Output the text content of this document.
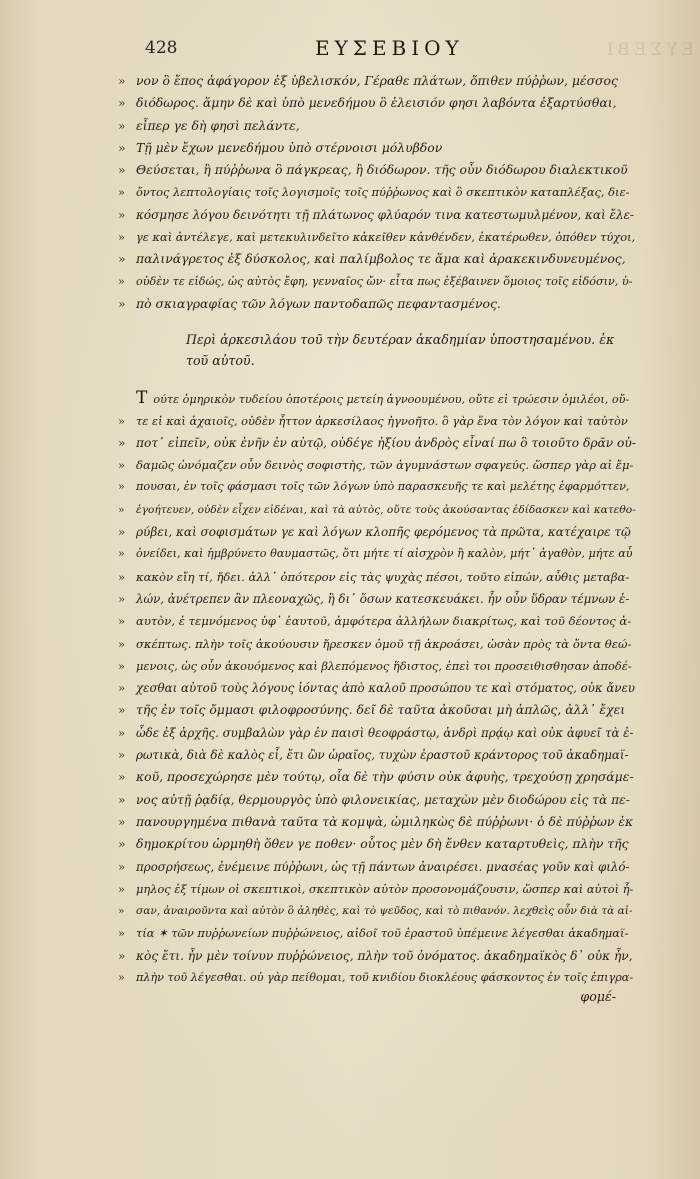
ΕΥΣΕΒΙ
428	ΕΥΣΕΒΙΟΥ
» νον ὃ ἔπος ἀφάγορον ἐξ ὑβελισκόν, Γέραθε πλάτων, ὄπιθεν πύῤῥων, μέσσος
» διόδωρος. ἅμην δὲ καὶ ὑπὸ μενεδήμου ὃ ἐλεισιόν φησι λαβόντα ἐξαρτύσθαι,
» εἶπερ γε δὴ φησὶ πελάντε,
» Τῇ μὲν ἔχων μενεδήμου ὑπὸ στέρνοισι μόλυβδον
» Θεύσεται, ἢ πύῤῥωνα ὃ πάγκρεας, ἢ διόδωρον. τῆς οὖν διόδωρου διαλεκτικοῦ
» ὄντος λεπτολογίαις τοῖς λογισμοῖς τοῖς πύῤῥωνος καὶ ὃ σκεπτικὸν καταπλέξας, διε-
» κόσμησε λόγου δεινότητι τῇ πλάτωνος φλύαρόν τινα κατεστωμυλμένον, καὶ ἔλε-
» γε καὶ ἀντέλεγε, καὶ μετεκυλινδεῖτο κἀκεῖθεν κἀνθένδεν, ἑκατέρωθεν, ὁπόθεν τύχοι,
» παλινάγρετος ἐξ δύσκολος, καὶ παλίμβολος τε ἅμα καὶ ἀρακεκινδυνευμένος,
» οὐδὲν τε εἰδώς, ὡς αὐτὸς ἔφη, γενναῖος ὤν· εἶτα πως ἐξέβαινεν ὅμοιος τοῖς εἰδόσιν, ὑ-
» πὸ σκιαγραφίας τῶν λόγων παντοδαπῶς πεφαντασμένος.
Περὶ ἀρκεσιλάου τοῦ τὴν δευτέραν ἀκαδημίαν ὑποστησαμένου. ἐκ τοῦ αὐτοῦ.
Tούτε ὁμηρικὸν τυδείου ὁποτέροις μετείη ἀγνοουμένου, οὔτε εἰ τρώεσιν ὁμιλέοι, οὔ-
» τε εἰ καὶ ἀχαιοῖς, οὐδὲν ἧττον ἀρκεσίλαος ἠγνοῆτο. ὃ γὰρ ἕνα τὸν λόγον καὶ ταὐτὸν
» ποτ᾽ εἰπεῖν, οὐκ ἐνῆν ἐν αὐτῷ, οὐδέγε ἠξίου ἀνδρὸς εἶναί πω ὃ τοιοῦτο δρᾶν οὐ-
» δαμῶς ὠνόμαζεν οὖν δεινὸς σοφιστὴς, τῶν ἀγυμνάστων σφαγεύς. ὥσπερ γὰρ αἱ ἔμ-
» πουσαι, ἐν τοῖς φάσμασι τοῖς τῶν λόγων ὑπὸ παρασκευῆς τε καὶ μελέτης ἐφαρμόττεν,
» ἐγοήτευεν, οὐδὲν εἶχεν εἰδέναι, καὶ τὰ αὐτὸς, οὔτε τοὺς ἀκούσαντας ἐδίδασκεν καὶ κατεθο-
» ρύβει, καὶ σοφισμάτων γε καὶ λόγων κλοπῆς φερόμενος τὰ πρῶτα, κατέχαιρε τῷ
» ὀνείδει, καὶ ἡμβρύνετο θαυμαστῶς, ὅτι μήτε τί αἰσχρὸν ἢ καλὸν, μήτ᾽ ἀγαθὸν, μήτε αὖ
» κακὸν εἴη τί, ἤδει. ἀλλ᾽ ὁπότερον εἰς τὰς ψυχὰς πέσοι, τοῦτο εἰπών, αὖθις μεταβα-
» λών, ἀνέτρεπεν ἂν πλεοναχῶς, ἢ δι᾽ ὅσων κατεσκευάκει. ἦν οὖν ὕδραν τέμνων ἑ-
» αυτὸν, ἐ τεμνόμενος ὑφ᾽ ἑαυτοῦ, ἀμφότερα ἀλλήλων διακρίτως, καὶ τοῦ δέοντος ἀ-
» σκέπτως. πλὴν τοῖς ἀκούουσιν ἤρεσκεν ὁμοῦ τῇ ἀκροάσει, ὡσὰν πρὸς τὰ ὄντα θεώ-
» μενοις, ὡς οὖν ἀκουόμενος καὶ βλεπόμενος ἥδιστος, ἐπεὶ τοι προσειθισθησαν ἀποδέ-
» χεσθαι αὐτοῦ τοὺς λόγους ἰόντας ἀπὸ καλοῦ προσώπου τε καὶ στόματος, οὐκ ἄνευ
» τῆς ἐν τοῖς ὄμμασι φιλοφροσύνης. δεῖ δὲ ταῦτα ἀκοῦσαι μὴ ἁπλῶς, ἀλλ᾽ ἔχει
» ὧδε ἐξ ἀρχῆς. συμβαλὼν γὰρ ἐν παισὶ θεοφράστῳ, ἀνδρὶ πρᾴῳ καὶ οὐκ ἀφυεῖ τὰ ἐ-
» ρωτικὰ, διὰ δὲ καλὸς εἶ, ἔτι ὢν ὡραῖος, τυχὼν ἐραστοῦ κράντορος τοῦ ἀκαδημαϊ-
» κοῦ, προσεχώρησε μὲν τούτῳ, οἷα δὲ τὴν φύσιν οὐκ ἀφυὴς, τρεχούσῃ χρησάμε-
» νος αὐτῇ ῥᾳδίᾳ, θερμουργὸς ὑπὸ φιλονεικίας, μεταχὼν μὲν διοδώρου εἰς τὰ πε-
» πανουργημένα πιθανὰ ταῦτα τὰ κομψὰ, ὡμιληκὼς δὲ πύῤῥωνι· ὁ δὲ πύῤῥων ἐκ
» δημοκρίτου ὡρμηθὴ ὅθεν γε ποθεν· οὗτος μὲν δὴ ἔνθεν καταρτυθεὶς, πλὴν τῆς
» προσρήσεως, ἐνέμεινε πύῤῥωνι, ὡς τῇ πάντων ἀναιρέσει. μνασέας γοῦν καὶ φιλό-
» μηλος ἐξ τίμων οἱ σκεπτικοὶ, σκεπτικὸν αὐτὸν προσονομάζουσιν, ὥσπερ καὶ αὐτοὶ ἦ-
» σαν, ἀναιροῦντα καὶ αὐτὸν ὃ ἀληθὲς, καὶ τὸ ψεῦδος, καὶ τὸ πιθανόν. λεχθεὶς οὖν διὰ τὰ αἰ-
» τία ✶ τῶν πυῤῥωνείων πυῤῥώνειος, αἰδοῖ τοῦ ἐραστοῦ ὑπέμεινε λέγεσθαι ἀκαδημαϊ-
» κὸς ἔτι. ἦν μὲν τοίνυν πυῤῥώνειος, πλὴν τοῦ ὀνόματος. ἀκαδημαϊκὸς δ᾽ οὐκ ἦν,
» πλὴν τοῦ λέγεσθαι. οὐ γὰρ πείθομαι, τοῦ κνιδίου διοκλέους φάσκοντος ἐν τοῖς ἐπιγρα-
φομέ-
